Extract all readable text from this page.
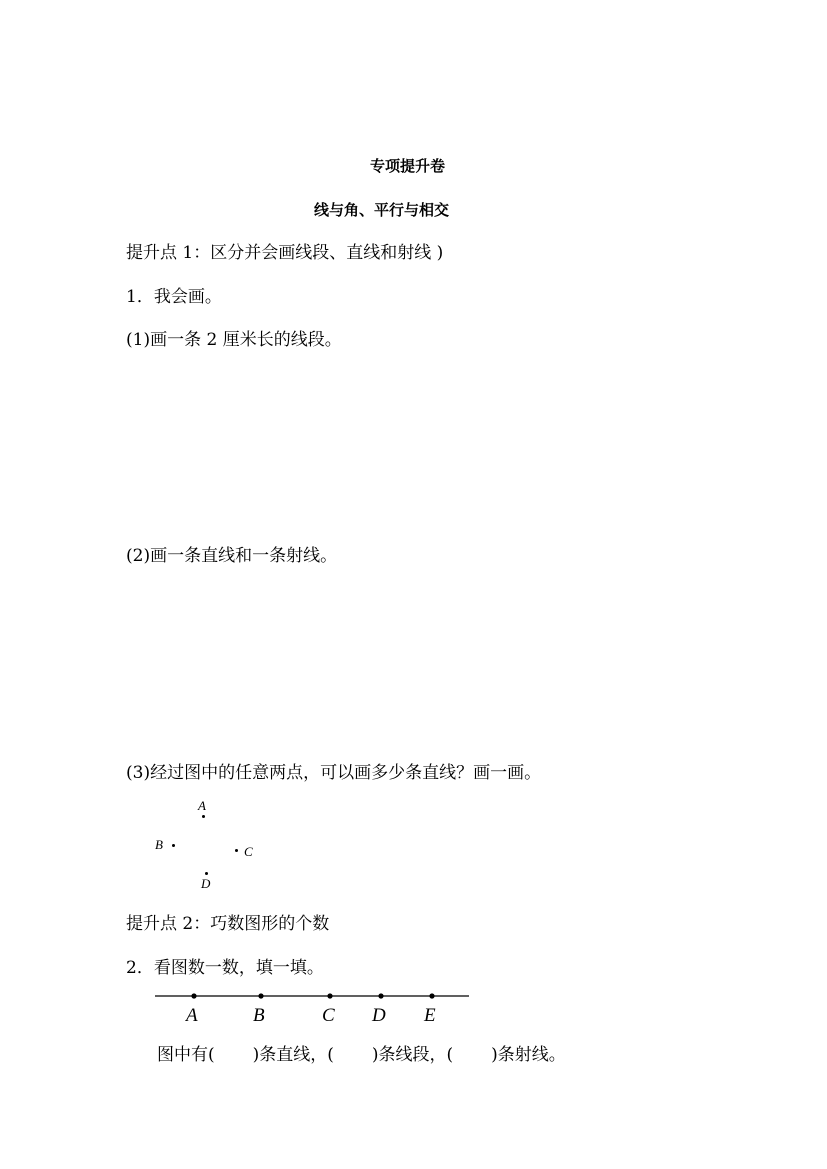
专项提升卷
线与角、平行与相交
提升点 1：区分并会画线段、直线和射线 )
1．我会画。
(1)画一条 2 厘米长的线段。
(2)画一条直线和一条射线。
(3)经过图中的任意两点，可以画多少条直线？画一画。
A
B	C
D
提升点 2：巧数图形的个数
2．看图数一数，填一填。
A	B	C D E
图中有( )条直线，( )条线段，( )条射线。
